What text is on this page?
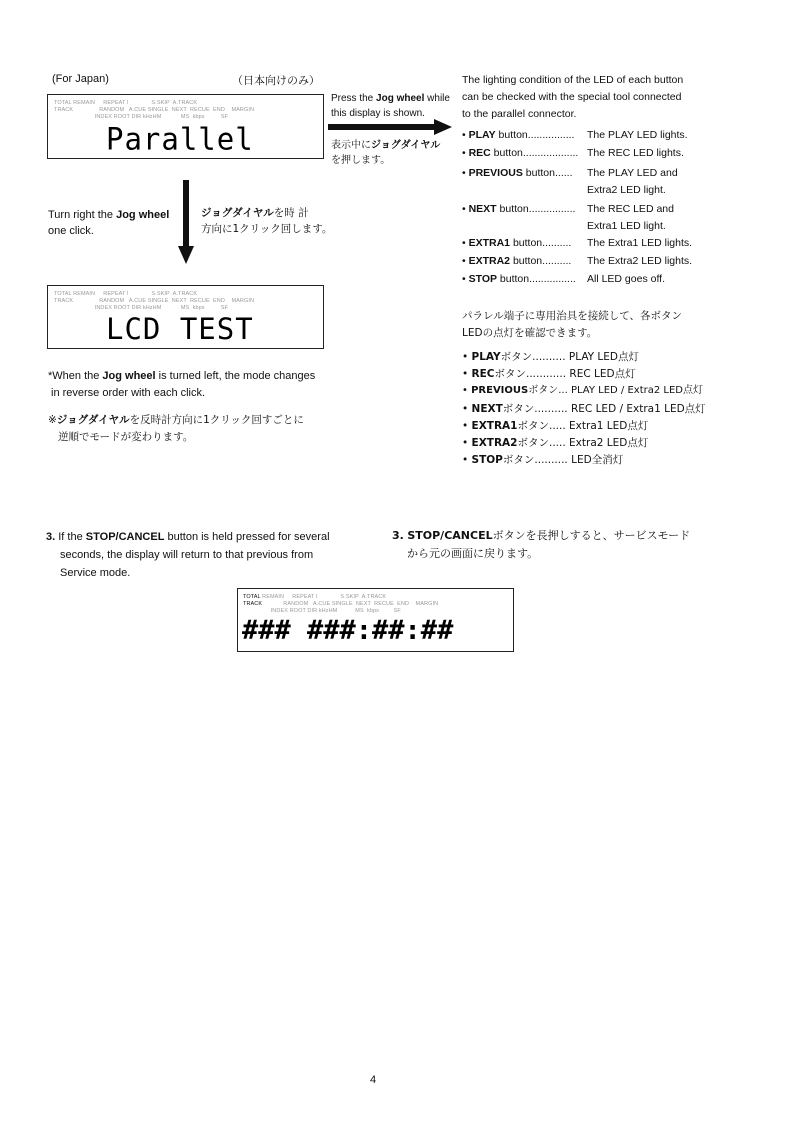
(For Japan)	（日本向けのみ）
TOTAL REMAIN     REPEAT I              S.SKIP  A.TRACK
TRACK                RANDOM   A.CUE SINGLE  NEXT  RECUE  END    MARGIN
INDEX ROOT DIR kHzHM            MS  kbps          SF
Parallel
Press the Jog wheel while
this display is shown.
表示中にジョグダイヤル
を押します。
Turn right the Jog wheel
one click.
ジョグダイヤルを時 計
方向に1クリック回します。
TOTAL REMAIN     REPEAT I              S.SKIP  A.TRACK
TRACK                RANDOM   A.CUE SINGLE  NEXT  RECUE  END    MARGIN
INDEX ROOT DIR kHzHM            MS  kbps          SF
LCD TEST
*When the Jog wheel is turned left, the mode changes
in reverse order with each click.
※ジョグダイヤルを反時計方向に1クリック回すごとに
逆順でモードが変わります。
The lighting condition of the LED of each button
can be checked with the special tool connected
to the parallel connector.
• PLAY button................ The PLAY LED lights.
• REC button................... The REC LED lights.
• PREVIOUS button...... The PLAY LED and
Extra2 LED light.
• NEXT button................ The REC LED and
Extra1 LED light.
• EXTRA1 button.......... The Extra1 LED lights.
• EXTRA2 button.......... The Extra2 LED lights.
• STOP button................ All LED goes off.
パラレル端子に専用治具を接続して、各ボタン
LEDの点灯を確認できます。
• PLAYボタン.......... PLAY LED点灯
• RECボタン............ REC LED点灯
• PREVIOUSボタン... PLAY LED / Extra2 LED点灯
• NEXTボタン.......... REC LED / Extra1 LED点灯
• EXTRA1ボタン..... Extra1 LED点灯
• EXTRA2ボタン..... Extra2 LED点灯
• STOPボタン.......... LED全消灯
3. If the STOP/CANCEL button is held pressed for several
seconds, the display will return to that previous from
Service mode.
3. STOP/CANCELボタンを長押しすると、サービスモード
から元の画面に戻ります。
TOTAL REMAIN     REPEAT I              S.SKIP  A.TRACK
TRACK             RANDOM   A.CUE SINGLE  NEXT  RECUE  END    MARGIN
INDEX ROOT DIR kHzHM           MS  kbps         SF
### ###:##:##
4
